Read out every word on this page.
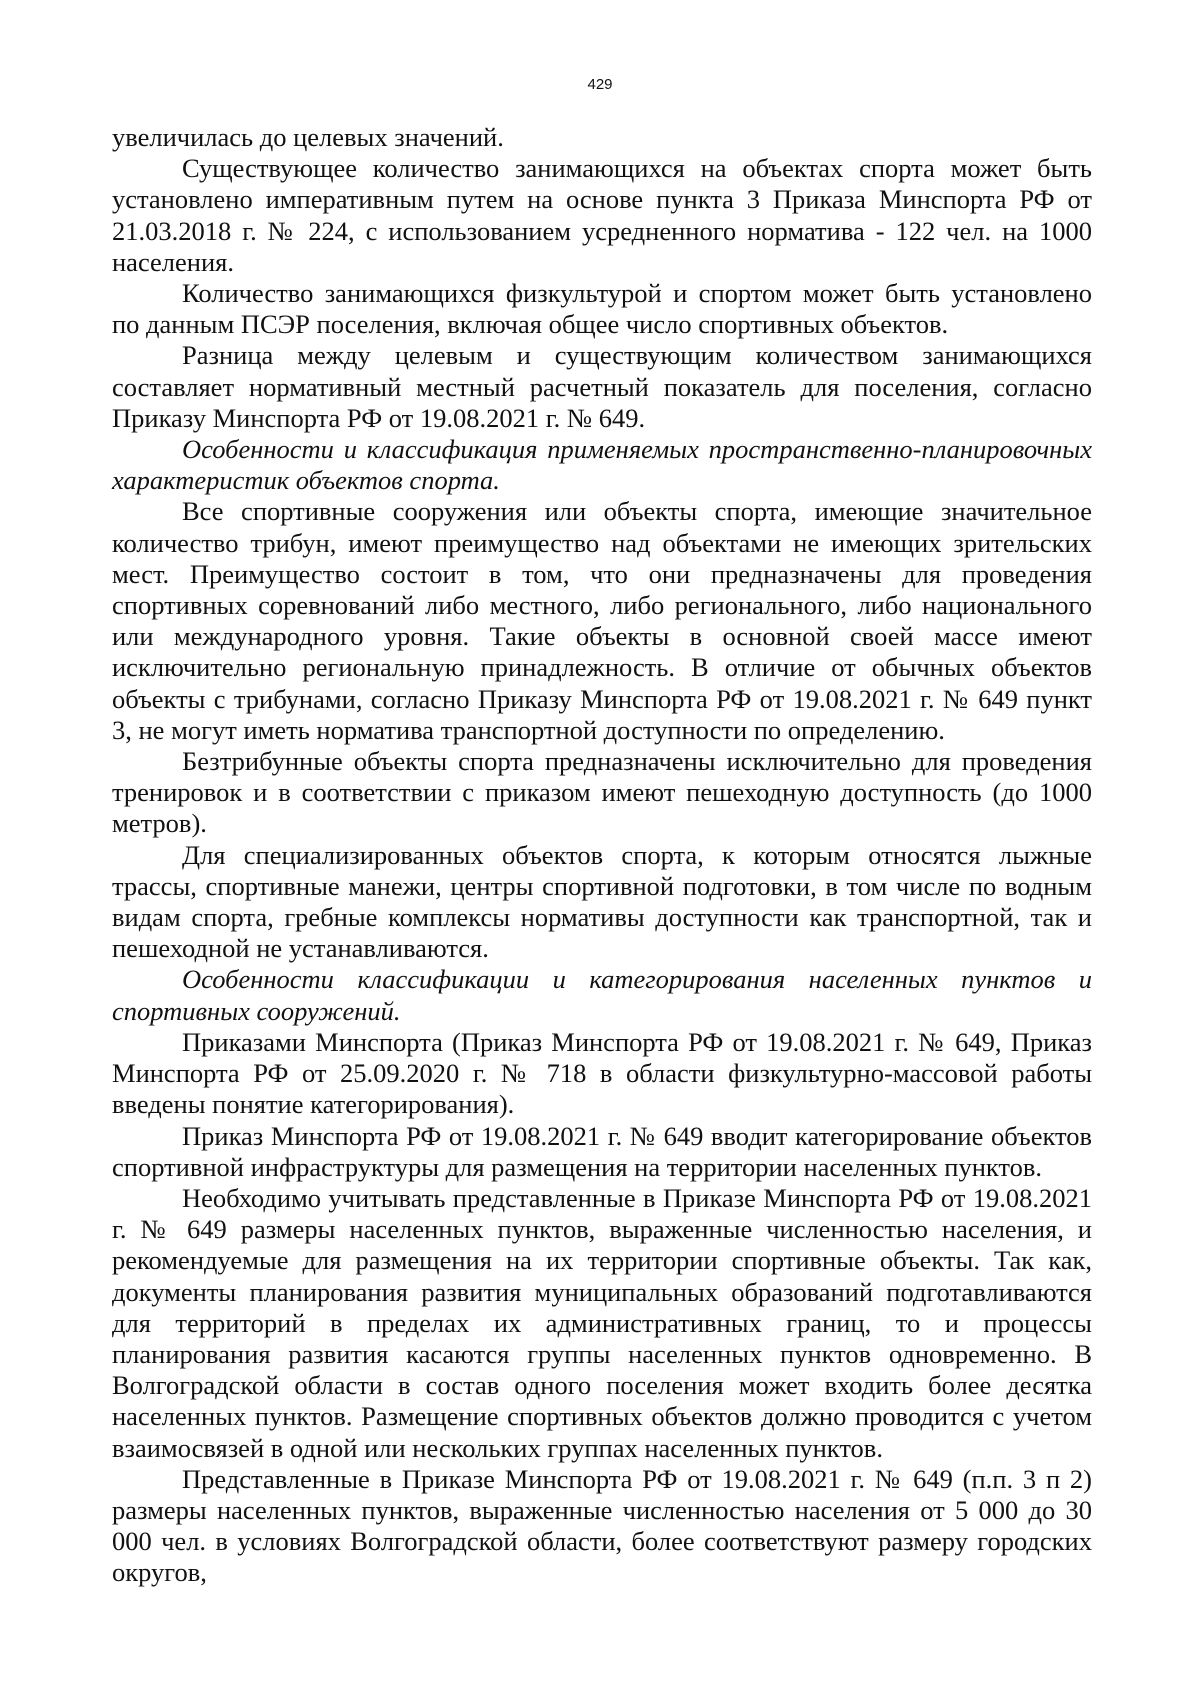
429

увеличилась до целевых значений.

Существующее количество занимающихся на объектах спорта может быть установлено императивным путем на основе пункта 3 Приказа Минспорта РФ от 21.03.2018 г. № 224, с использованием усредненного норматива - 122 чел. на 1000 населения.

Количество занимающихся физкультурой и спортом может быть установлено по данным ПСЭР поселения, включая общее число спортивных объектов.

Разница между целевым и существующим количеством занимающихся составляет нормативный местный расчетный показатель для поселения, согласно Приказу Минспорта РФ от 19.08.2021 г. № 649.

Особенности и классификация применяемых пространственно-планировочных характеристик объектов спорта.

Все спортивные сооружения или объекты спорта, имеющие значительное количество трибун, имеют преимущество над объектами не имеющих зрительских мест. Преимущество состоит в том, что они предназначены для проведения спортивных соревнований либо местного, либо регионального, либо национального или международного уровня. Такие объекты в основной своей массе имеют исключительно региональную принадлежность. В отличие от обычных объектов объекты с трибунами, согласно Приказу Минспорта РФ от 19.08.2021 г. № 649 пункт 3, не могут иметь норматива транспортной доступности по определению.

Безтрибунные объекты спорта предназначены исключительно для проведения тренировок и в соответствии с приказом имеют пешеходную доступность (до 1000 метров).

Для специализированных объектов спорта, к которым относятся лыжные трассы, спортивные манежи, центры спортивной подготовки, в том числе по водным видам спорта, гребные комплексы нормативы доступности как транспортной, так и пешеходной не устанавливаются.

Особенности классификации и категорирования населенных пунктов и спортивных сооружений.

Приказами Минспорта (Приказ Минспорта РФ от 19.08.2021 г. № 649, Приказ Минспорта РФ от 25.09.2020 г. № 718 в области физкультурно-массовой работы введены понятие категорирования).

Приказ Минспорта РФ от 19.08.2021 г. № 649 вводит категорирование объектов спортивной инфраструктуры для размещения на территории населенных пунктов.

Необходимо учитывать представленные в Приказе Минспорта РФ от 19.08.2021 г. № 649 размеры населенных пунктов, выраженные численностью населения, и рекомендуемые для размещения на их территории спортивные объекты. Так как, документы планирования развития муниципальных образований подготавливаются для территорий в пределах их административных границ, то и процессы планирования развития касаются группы населенных пунктов одновременно. В Волгоградской области в состав одного поселения может входить более десятка населенных пунктов. Размещение спортивных объектов должно проводится с учетом взаимосвязей в одной или нескольких группах населенных пунктов.

Представленные в Приказе Минспорта РФ от 19.08.2021 г. № 649 (п.п. 3 п 2) размеры населенных пунктов, выраженные численностью населения от 5 000 до 30 000 чел. в условиях Волгоградской области, более соответствуют размеру городских округов,
